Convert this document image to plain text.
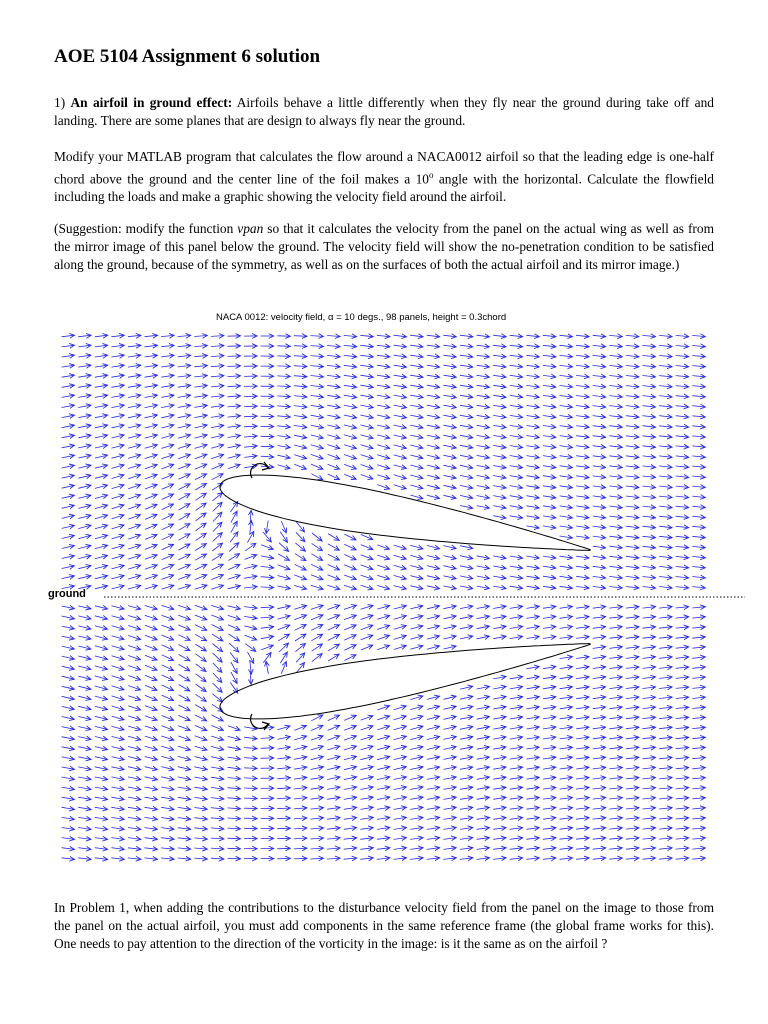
AOE 5104 Assignment 6 solution

1) An airfoil in ground effect: Airfoils behave a little differently when they fly near the ground during take off and landing. There are some planes that are design to always fly near the ground.

Modify your MATLAB program that calculates the flow around a NACA0012 airfoil so that the leading edge is one-half chord above the ground and the center line of the foil makes a 10$^o$ angle with the horizontal. Calculate the flowfield including the loads and make a graphic showing the velocity field around the airfoil.

(Suggestion: modify the function vpan so that it calculates the velocity from the panel on the actual wing as well as from the mirror image of this panel below the ground. The velocity field will show the no-penetration condition to be satisfied along the ground, because of the symmetry, as well as on the surfaces of both the actual airfoil and its mirror image.)

NACA 0012: velocity field, α = 10 degs., 98 panels, height = 0.3chord
ground

In Problem 1, when adding the contributions to the disturbance velocity field from the panel on the image to those from the panel on the actual airfoil, you must add components in the same reference frame (the global frame works for this). One needs to pay attention to the direction of the vorticity in the image: is it the same as on the airfoil ?
